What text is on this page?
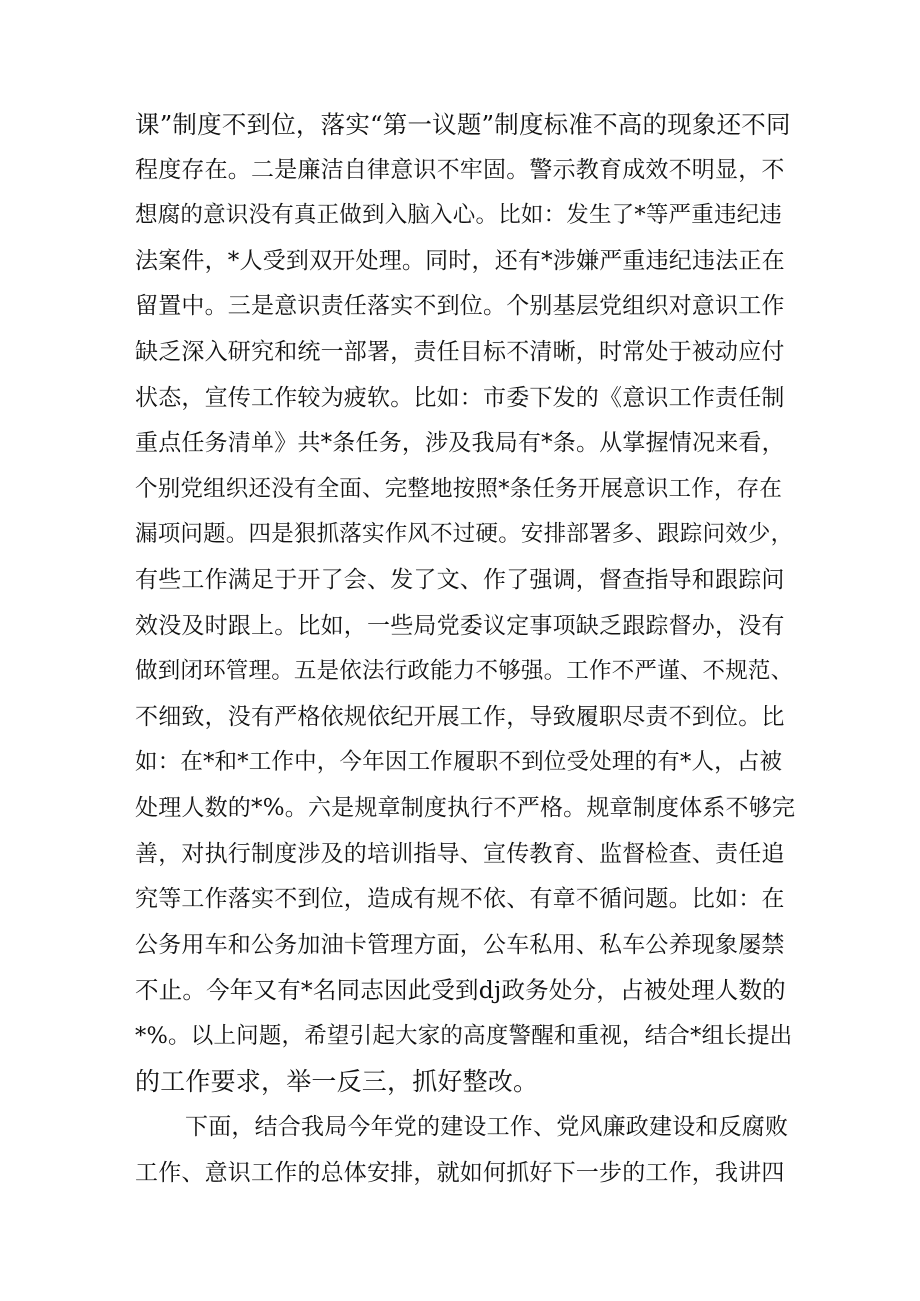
课”制度不到位，落实“第一议题”制度标准不高的现象还不同
程度存在。二是廉洁自律意识不牢固。警示教育成效不明显，不
想腐的意识没有真正做到入脑入心。比如：发生了*等严重违纪违
法案件，*人受到双开处理。同时，还有*涉嫌严重违纪违法正在
留置中。三是意识责任落实不到位。个别基层党组织对意识工作
缺乏深入研究和统一部署，责任目标不清晰，时常处于被动应付
状态，宣传工作较为疲软。比如：市委下发的《意识工作责任制
重点任务清单》共*条任务，涉及我局有*条。从掌握情况来看，
个别党组织还没有全面、完整地按照*条任务开展意识工作，存在
漏项问题。四是狠抓落实作风不过硬。安排部署多、跟踪问效少，
有些工作满足于开了会、发了文、作了强调，督查指导和跟踪问
效没及时跟上。比如，一些局党委议定事项缺乏跟踪督办，没有
做到闭环管理。五是依法行政能力不够强。工作不严谨、不规范、
不细致，没有严格依规依纪开展工作，导致履职尽责不到位。比
如：在*和*工作中，今年因工作履职不到位受处理的有*人，占被
处理人数的*%。六是规章制度执行不严格。规章制度体系不够完
善，对执行制度涉及的培训指导、宣传教育、监督检查、责任追
究等工作落实不到位，造成有规不依、有章不循问题。比如：在
公务用车和公务加油卡管理方面，公车私用、私车公养现象屡禁
不止。今年又有*名同志因此受到dj政务处分，占被处理人数的
*%。以上问题，希望引起大家的高度警醒和重视，结合*组长提出
的工作要求，举一反三，抓好整改。
下面，结合我局今年党的建设工作、党风廉政建设和反腐败
工作、意识工作的总体安排，就如何抓好下一步的工作，我讲四
